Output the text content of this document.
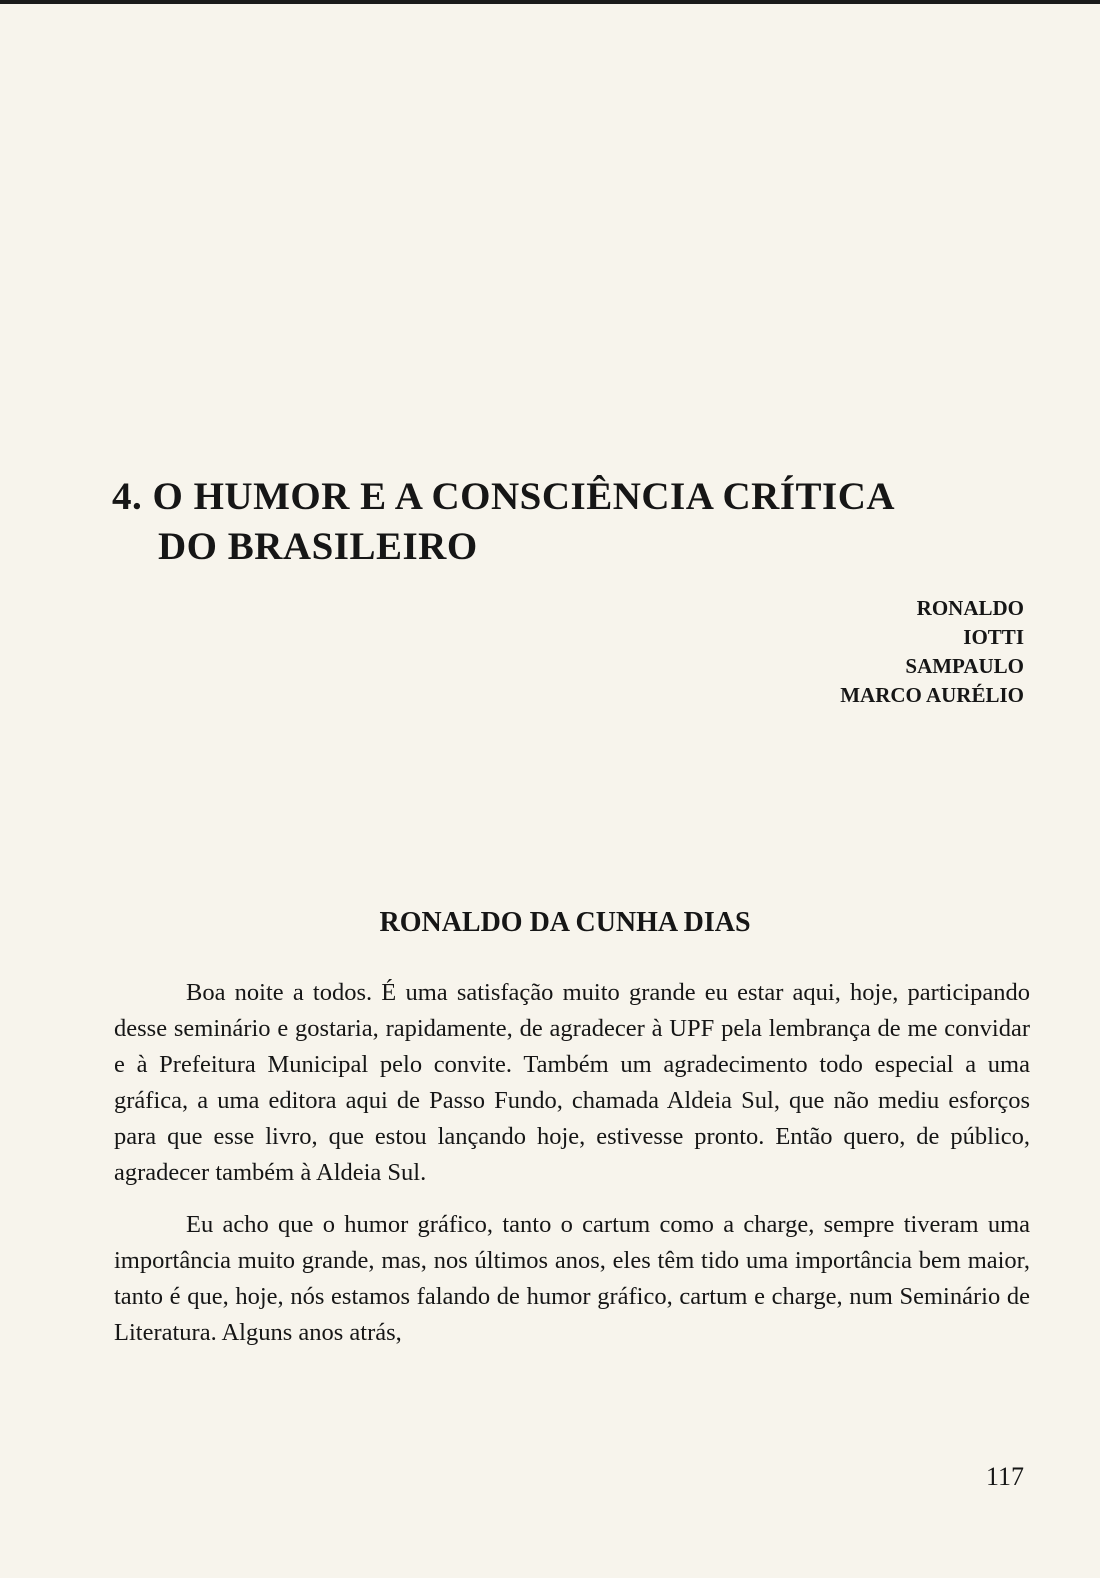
4. O HUMOR E A CONSCIÊNCIA CRÍTICA
DO BRASILEIRO
RONALDO
IOTTI
SAMPAULO
MARCO AURÉLIO
RONALDO DA CUNHA DIAS

Boa noite a todos. É uma satisfação muito grande eu estar aqui, hoje, participando desse seminário e gostaria, rapidamente, de agradecer à UPF pela lembrança de me convidar e à Prefeitura Municipal pelo convite. Também um agradecimento todo especial a uma gráfica, a uma editora aqui de Passo Fundo, chamada Aldeia Sul, que não mediu esforços para que esse livro, que estou lançando hoje, estivesse pronto. Então quero, de público, agradecer também à Aldeia Sul.

Eu acho que o humor gráfico, tanto o cartum como a charge, sempre tiveram uma importância muito grande, mas, nos últimos anos, eles têm tido uma importância bem maior, tanto é que, hoje, nós estamos falando de humor gráfico, cartum e charge, num Seminário de Literatura. Alguns anos atrás,

117
